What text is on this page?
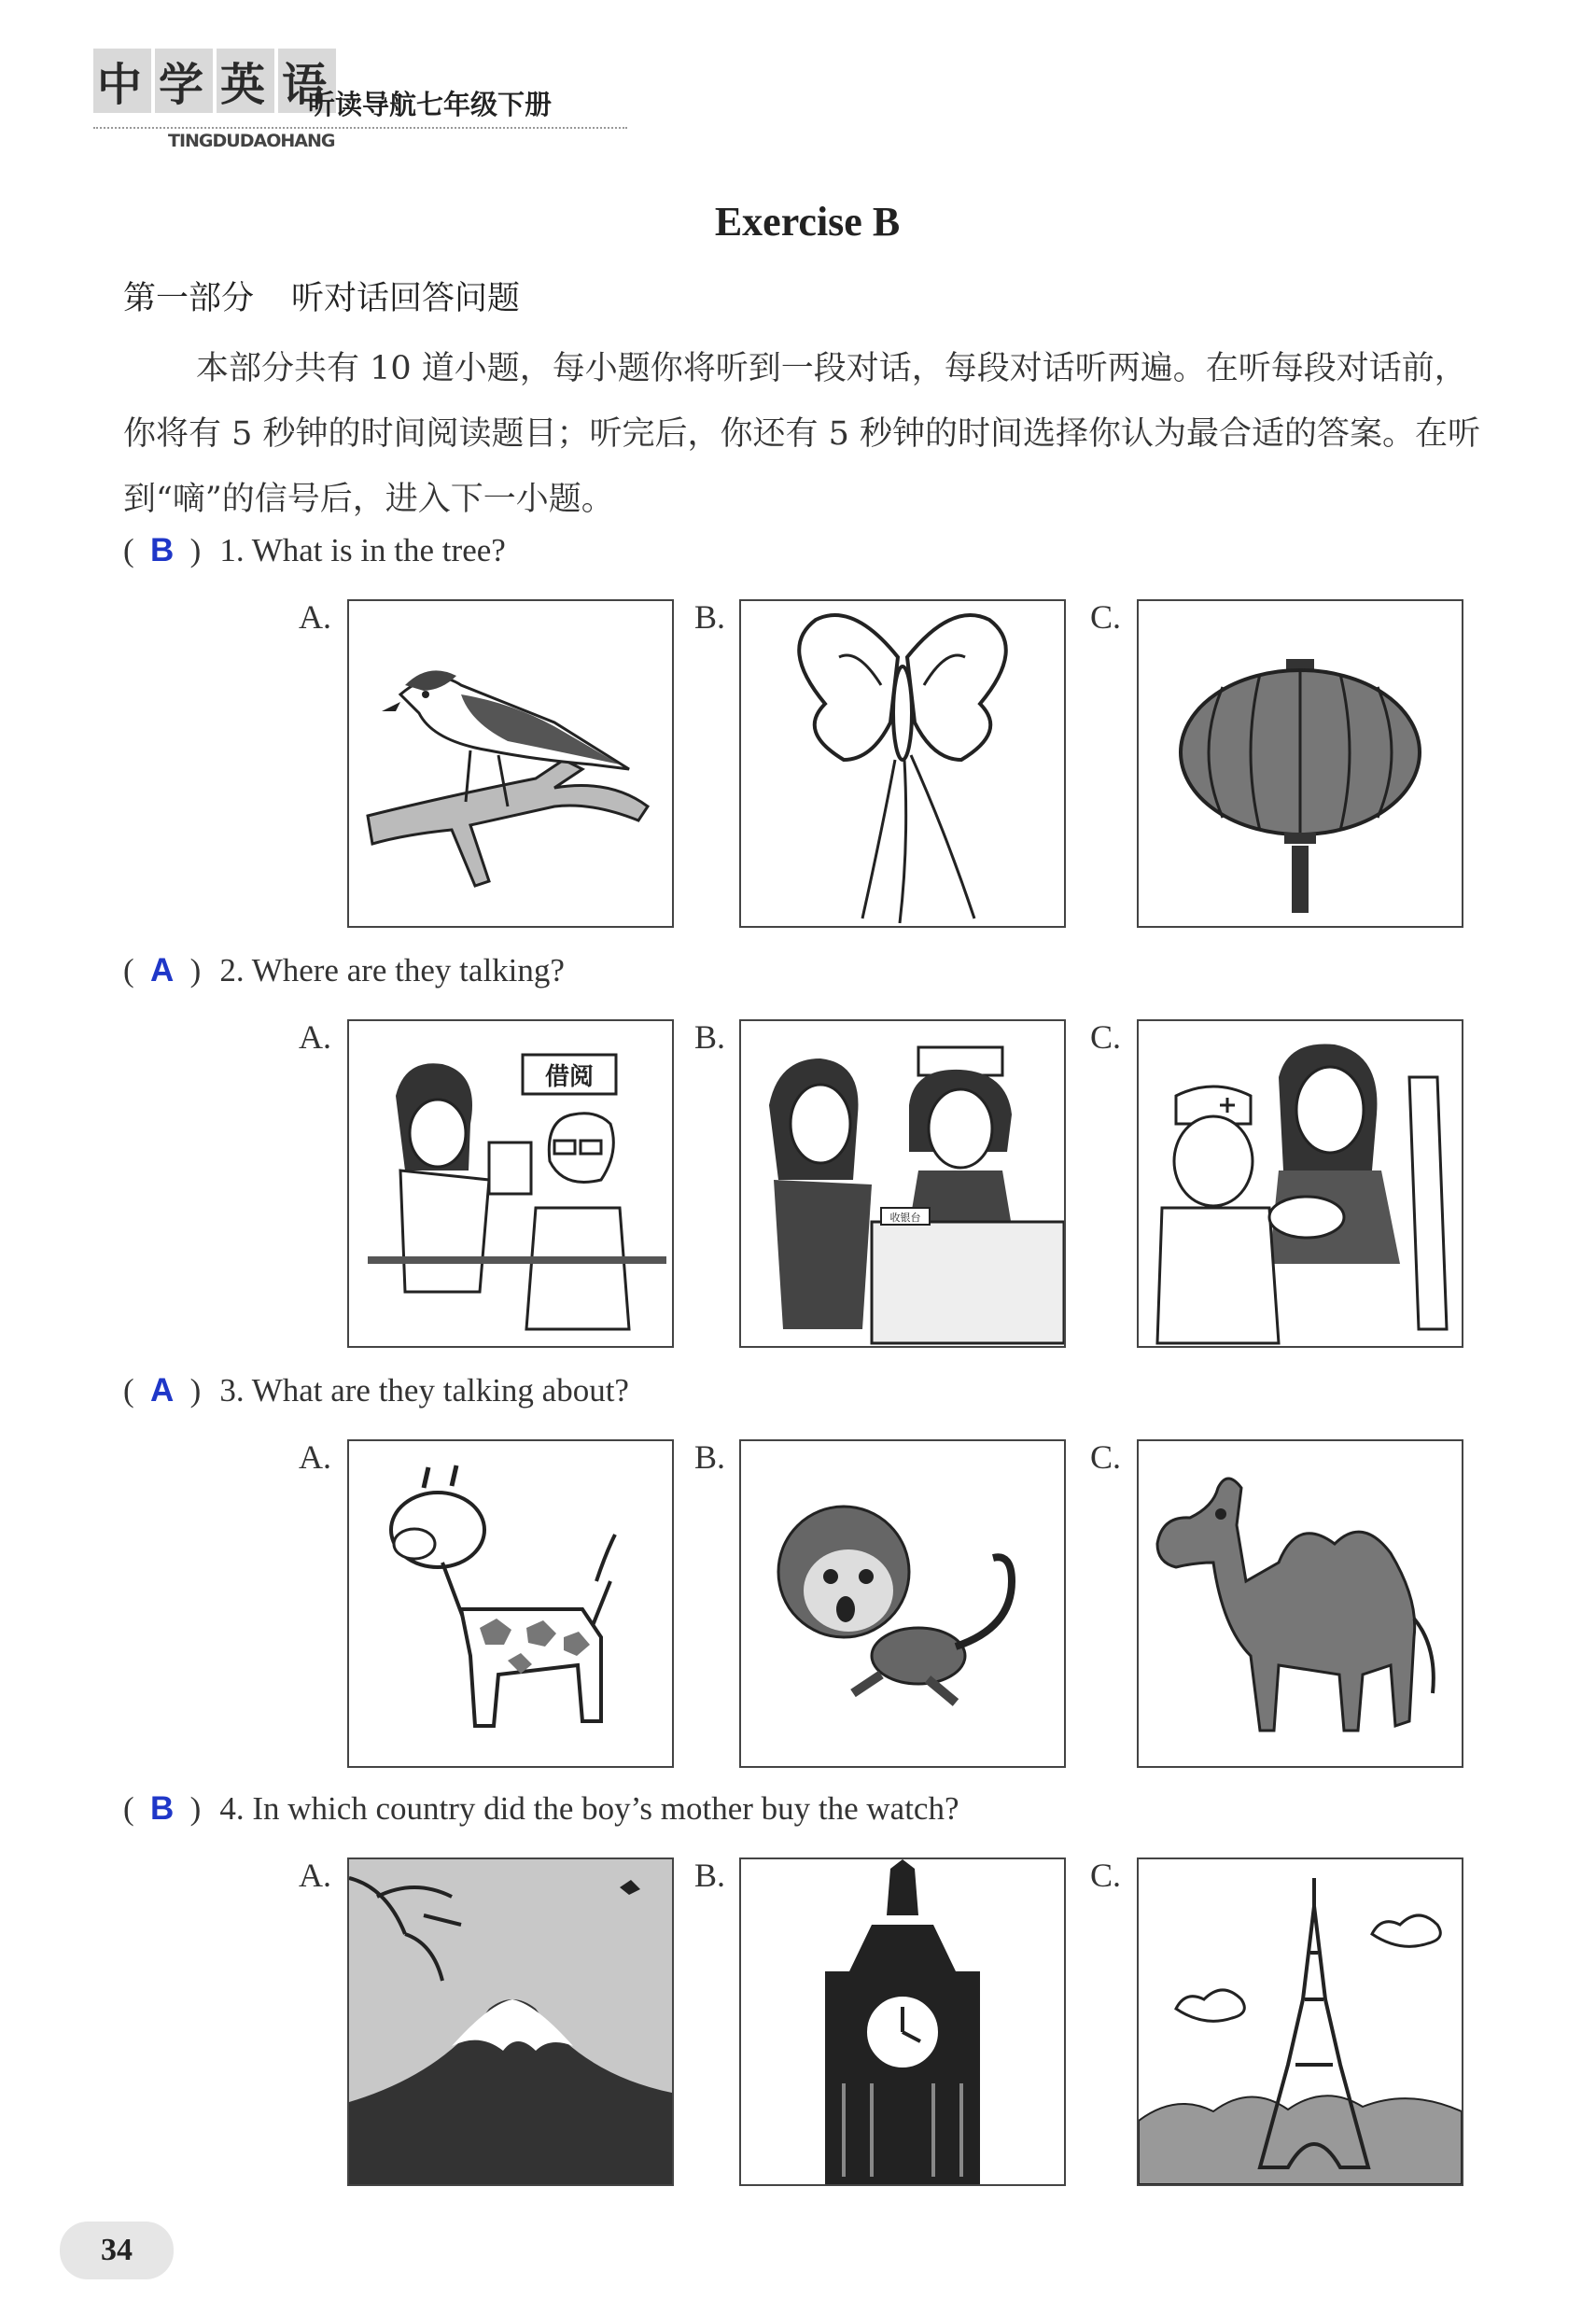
中 学 英 语
听读导航七年级下册
TINGDUDAOHANG
Exercise B
第一部分 听对话回答问题
本部分共有 10 道小题，每小题你将听到一段对话，每段对话听两遍。在听每段对话前，你将有 5 秒钟的时间阅读题目；听完后，你还有 5 秒钟的时间选择你认为最合适的答案。在听到“嘀”的信号后，进入下一小题。
( B ) 1. What is in the tree?
A.	B.	C.
( A ) 2. Where are they talking?
A.
借阅
B.
收银台
C.
( A ) 3. What are they talking about?
A.	B.	C.
( B ) 4. In which country did the boy’s mother buy the watch?
A.	B.	C.
34
